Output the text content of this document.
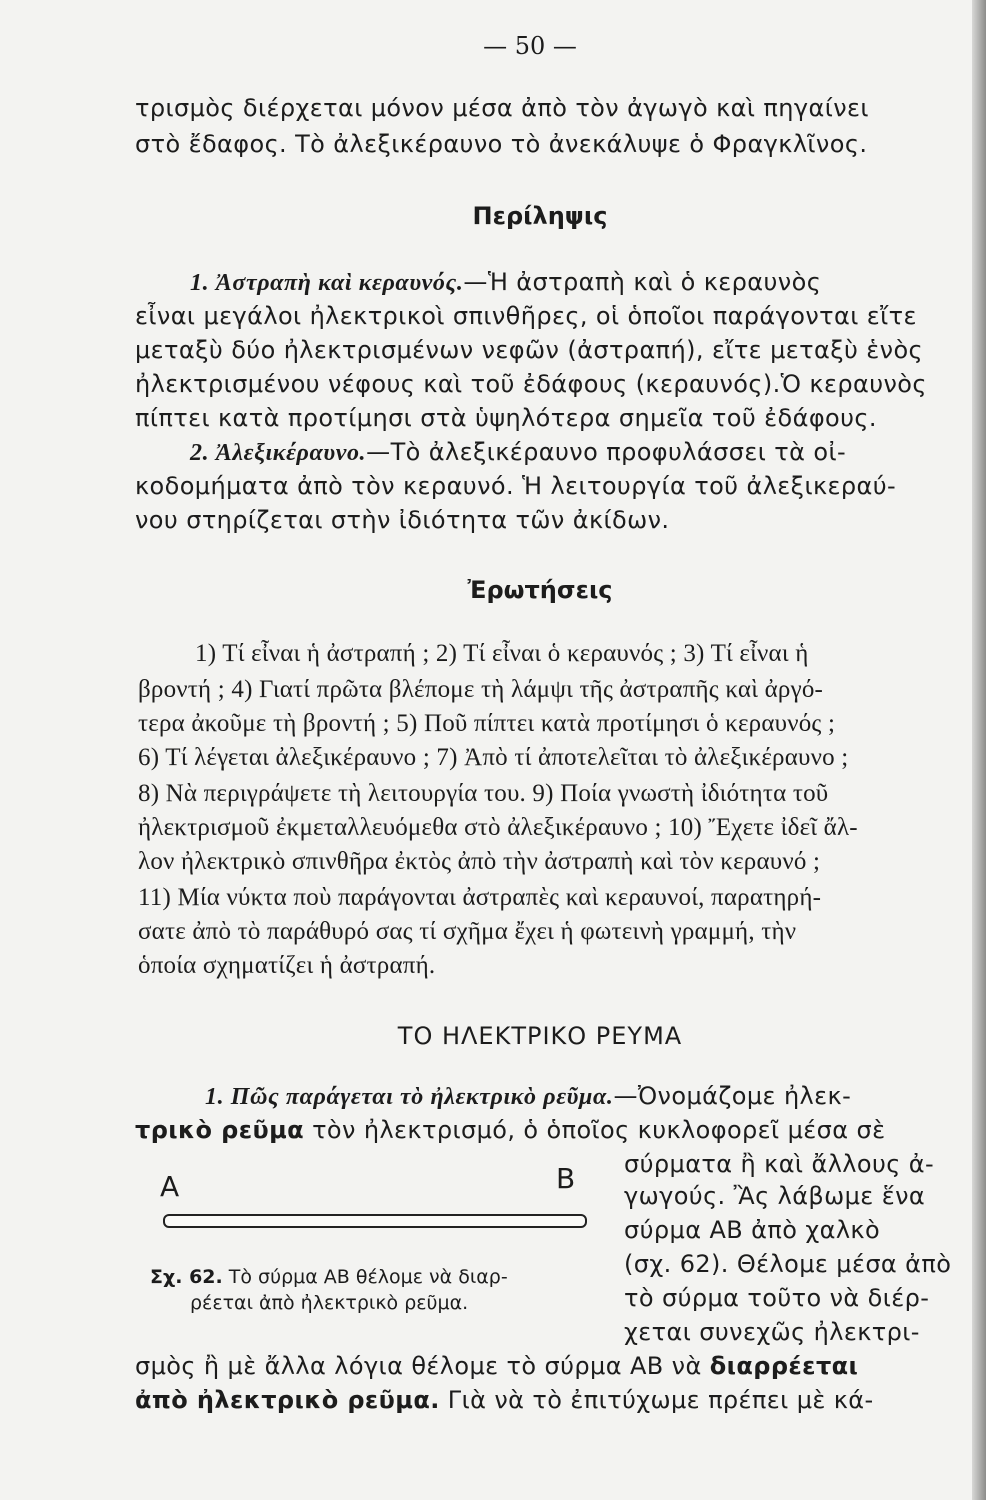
— 50 —
τρισμὸς διέρχεται μόνον μέσα ἀπὸ τὸν ἀγωγὸ καὶ πηγαίνει
στὸ ἔδαφος. Τὸ ἀλεξικέραυνο τὸ ἀνεκάλυψε ὁ Φραγκλῖνος.
Περίληψις
1. Ἀστραπὴ καὶ κεραυνός.—Ἡ ἀστραπὴ καὶ ὁ κεραυνὸς
εἶναι μεγάλοι ἠλεκτρικοὶ σπινθῆρες, οἱ ὁποῖοι παράγονται εἴτε
μεταξὺ δύο ἠλεκτρισμένων νεφῶν (ἀστραπή), εἴτε μεταξὺ ἑνὸς
ἠλεκτρισμένου νέφους καὶ τοῦ ἐδάφους (κεραυνός).Ὁ κεραυνὸς
πίπτει κατὰ προτίμησι στὰ ὑψηλότερα σημεῖα τοῦ ἐδάφους.
2. Ἀλεξικέραυνο.—Τὸ ἀλεξικέραυνο προφυλάσσει τὰ οἰ-
κοδομήματα ἀπὸ τὸν κεραυνό. Ἡ λειτουργία τοῦ ἀλεξικεραύ-
νου στηρίζεται στὴν ἰδιότητα τῶν ἀκίδων.
Ἐρωτήσεις
1) Τί εἶναι ἡ ἀστραπή ; 2) Τί εἶναι ὁ κεραυνός ; 3) Τί εἶναι ἡ
βροντή ; 4) Γιατί πρῶτα βλέπομε τὴ λάμψι τῆς ἀστραπῆς καὶ ἀργό-
τερα ἀκοῦμε τὴ βροντή ; 5) Ποῦ πίπτει κατὰ προτίμησι ὁ κεραυνός ;
6) Τί λέγεται ἀλεξικέραυνο ; 7) Ἀπὸ τί ἀποτελεῖται τὸ ἀλεξικέραυνο ;
8) Νὰ περιγράψετε τὴ λειτουργία του. 9) Ποία γνωστὴ ἰδιότητα τοῦ
ἠλεκτρισμοῦ ἐκμεταλλευόμεθα στὸ ἀλεξικέραυνο ; 10) Ἔχετε ἰδεῖ ἄλ-
λον ἠλεκτρικὸ σπινθῆρα ἐκτὸς ἀπὸ τὴν ἀστραπὴ καὶ τὸν κεραυνό ;
11) Μία νύκτα ποὺ παράγονται ἀστραπὲς καὶ κεραυνοί, παρατηρή-
σατε ἀπὸ τὸ παράθυρό σας τί σχῆμα ἔχει ἡ φωτεινὴ γραμμή, τὴν
ὁποία σχηματίζει ἡ ἀστραπή.
ΤΟ ΗΛΕΚΤΡΙΚΟ ΡΕΥΜΑ
1. Πῶς παράγεται τὸ ἠλεκτρικὸ ρεῦμα.—Ὀνομάζομε ἠλεκ-
τρικὸ ρεῦμα τὸν ἠλεκτρισμό, ὁ ὁποῖος κυκλοφορεῖ μέσα σὲ
σύρματα ἢ καὶ ἄλλους ἀ-
γωγούς. Ἂς λάβωμε ἕνα
σύρμα ΑΒ ἀπὸ χαλκὸ
(σχ. 62). Θέλομε μέσα ἀπὸ
τὸ σύρμα τοῦτο νὰ διέρ-
χεται συνεχῶς ἠλεκτρι-
A	B
Σχ. 62. Τὸ σύρμα ΑΒ θέλομε νὰ διαρ-
ρέεται ἀπὸ ἠλεκτρικὸ ρεῦμα.
σμὸς ἢ μὲ ἄλλα λόγια θέλομε τὸ σύρμα ΑΒ νὰ διαρρέεται
ἀπὸ ἠλεκτρικὸ ρεῦμα. Γιὰ νὰ τὸ ἐπιτύχωμε πρέπει μὲ κά-
